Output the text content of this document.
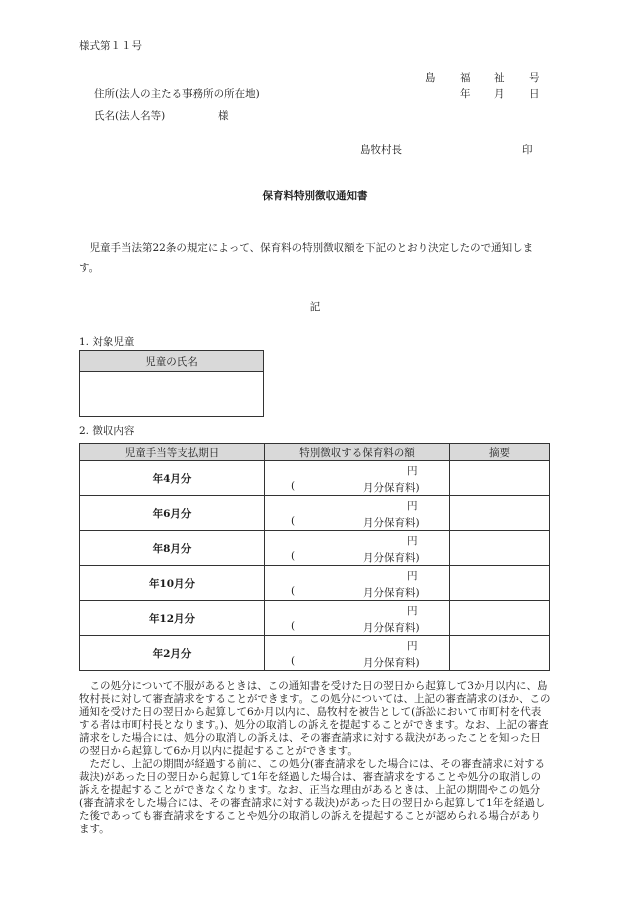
様式第１１号
島 福 祉 号
住所(法人の主たる事務所の所在地)	年 月 日
氏名(法人名等)	様
島牧村長	印
保育料特別徴収通知書
児童手当法第22条の規定によって、保育料の特別徴収額を下記のとおり決定したので通知します。
記
1. 対象児童
児童の氏名

2. 徴収内容
児童手当等支払期日	特別徴収する保育料の額	摘要
年4月分	円
( 月分保育料)	

年6月分	円
( 月分保育料)	

年8月分	円
( 月分保育料)	

年10月分	円
( 月分保育料)	

年12月分	円
( 月分保育料)	

年2月分	円
( 月分保育料)	

この処分について不服があるときは、この通知書を受けた日の翌日から起算して3か月以内に、島牧村長に対して審査請求をすることができます。この処分については、上記の審査請求のほか、この通知を受けた日の翌日から起算して6か月以内に、島牧村を被告として(訴訟において市町村を代表する者は市町村長となります。)、処分の取消しの訴えを提起することができます。なお、上記の審査請求をした場合には、処分の取消しの訴えは、その審査請求に対する裁決があったことを知った日の翌日から起算して6か月以内に提起することができます。

ただし、上記の期間が経過する前に、この処分(審査請求をした場合には、その審査請求に対する裁決)があった日の翌日から起算して1年を経過した場合は、審査請求をすることや処分の取消しの訴えを提起することができなくなります。なお、正当な理由があるときは、上記の期間やこの処分(審査請求をした場合には、その審査請求に対する裁決)があった日の翌日から起算して1年を経過した後であっても審査請求をすることや処分の取消しの訴えを提起することが認められる場合があります。
